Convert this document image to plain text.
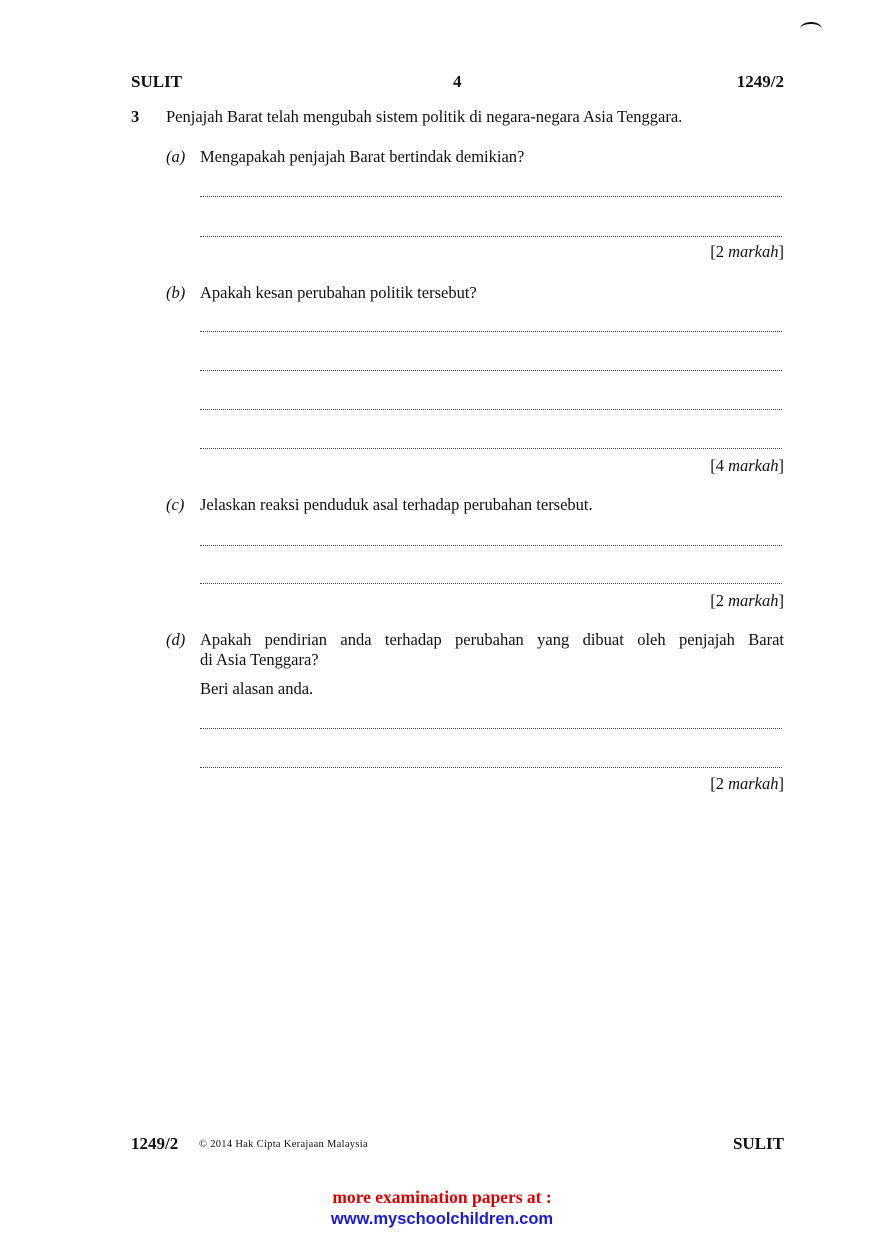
SULIT	4	1249/2
3 Penjajah Barat telah mengubah sistem politik di negara-negara Asia Tenggara.
(a) Mengapakah penjajah Barat bertindak demikian?
[2 markah]
(b) Apakah kesan perubahan politik tersebut?
[4 markah]
(c) Jelaskan reaksi penduduk asal terhadap perubahan tersebut.
[2 markah]
(d) Apakah pendirian anda terhadap perubahan yang dibuat oleh penjajah Barat
di Asia Tenggara?
Beri alasan anda.
[2 markah]
1249/2 © 2014 Hak Cipta Kerajaan Malaysia	SULIT
more examination papers at :
www.myschoolchildren.com
